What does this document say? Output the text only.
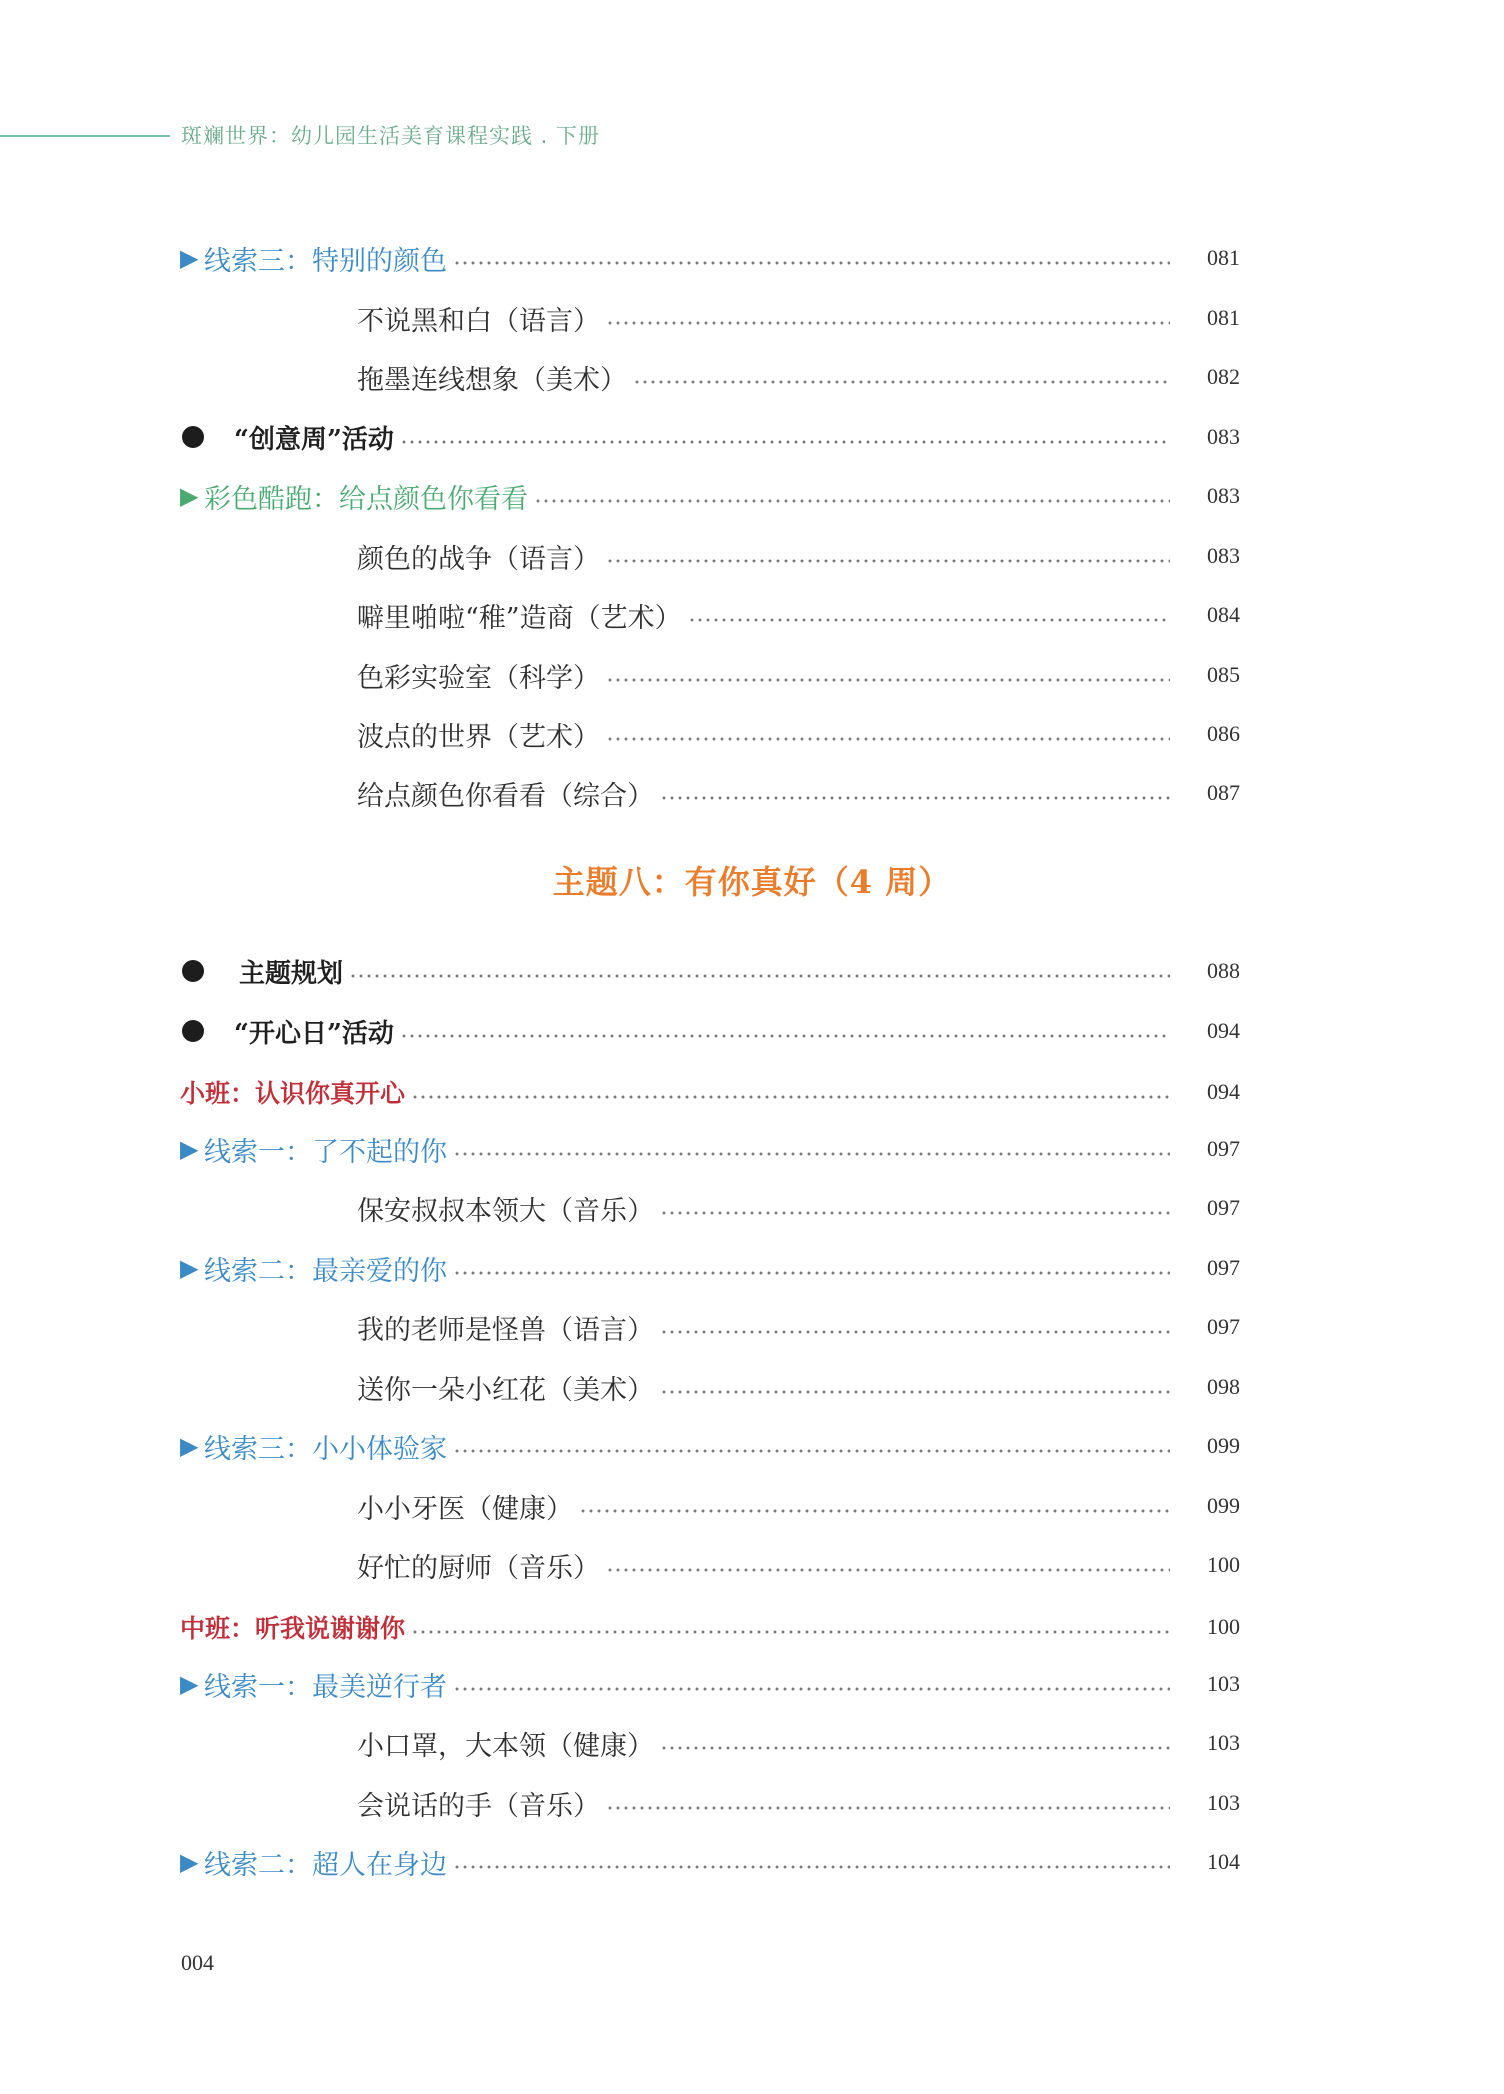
斑斓世界：幼儿园生活美育课程实践 . 下册
▶ 线索三：特别的颜色	081
不说黑和白（语言）	081
拖墨连线想象（美术）	082
“创意周”活动	083
▶ 彩色酷跑：给点颜色你看看	083
颜色的战争（语言）	083
噼里啪啦“稚”造商（艺术）	084
色彩实验室（科学）	085
波点的世界（艺术）	086
给点颜色你看看（综合）	087
主题规划	088
“开心日”活动	094
小班：认识你真开心	094
▶ 线索一：了不起的你	097
保安叔叔本领大（音乐）	097
▶ 线索二：最亲爱的你	097
我的老师是怪兽（语言）	097
送你一朵小红花（美术）	098
▶ 线索三：小小体验家	099
小小牙医（健康）	099
好忙的厨师（音乐）	100
中班：听我说谢谢你	100
▶ 线索一：最美逆行者	103
小口罩，大本领（健康）	103
会说话的手（音乐）	103
▶ 线索二：超人在身边	104
主题八：有你真好（4 周）
004
